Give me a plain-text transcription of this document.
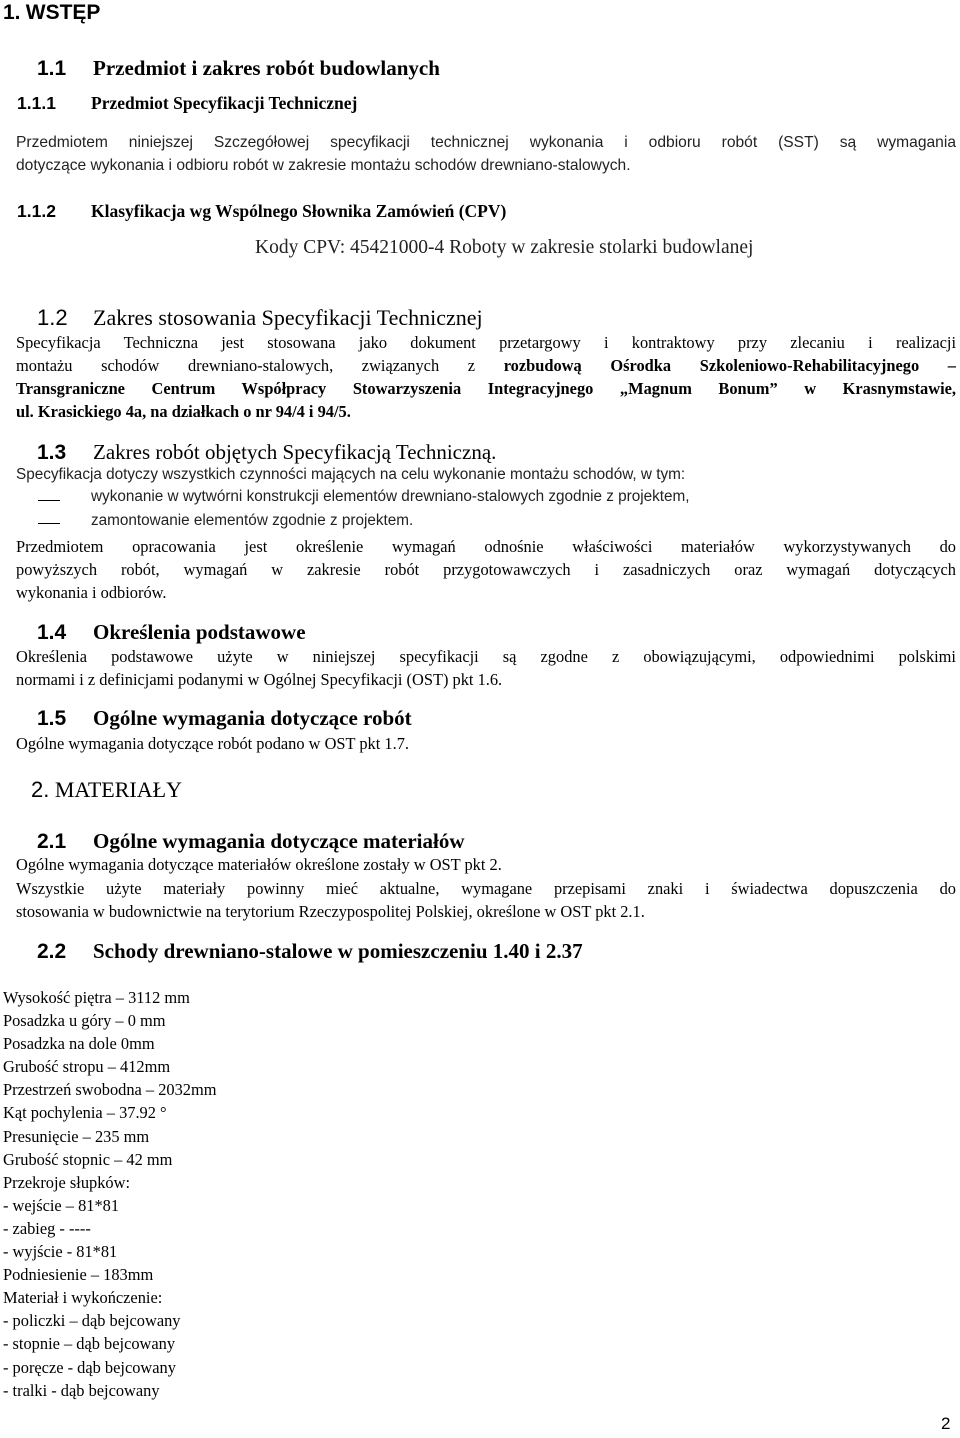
1. WSTĘP
1.1 Przedmiot i zakres robót budowlanych
1.1.1 Przedmiot Specyfikacji Technicznej
Przedmiotem niniejszej Szczegółowej specyfikacji technicznej wykonania i odbioru robót (SST) są wymagania
dotyczące wykonania i odbioru robót w zakresie montażu schodów drewniano-stalowych.
1.1.2 Klasyfikacja wg Wspólnego Słownika Zamówień (CPV)
Kody CPV: 45421000-4 Roboty w zakresie stolarki budowlanej
1.2 Zakres stosowania Specyfikacji Technicznej
Specyfikacja Techniczna jest stosowana jako dokument przetargowy i kontraktowy przy zlecaniu i realizacji
montażu schodów drewniano-stalowych, związanych z rozbudową Ośrodka Szkoleniowo-Rehabilitacyjnego –
Transgraniczne Centrum Współpracy Stowarzyszenia Integracyjnego „Magnum Bonum” w Krasnymstawie,
ul. Krasickiego 4a, na działkach o nr 94/4 i 94/5.
1.3 Zakres robót objętych Specyfikacją Techniczną.
Specyfikacja dotyczy wszystkich czynności mających na celu wykonanie montażu schodów, w tym:
wykonanie w wytwórni konstrukcji elementów drewniano-stalowych zgodnie z projektem,
zamontowanie elementów zgodnie z projektem.
Przedmiotem opracowania jest określenie wymagań odnośnie właściwości materiałów wykorzystywanych do
powyższych robót, wymagań w zakresie robót przygotowawczych i zasadniczych oraz wymagań dotyczących
wykonania i odbiorów.
1.4 Określenia podstawowe
Określenia podstawowe użyte w niniejszej specyfikacji są zgodne z obowiązującymi, odpowiednimi polskimi
normami i z definicjami podanymi w Ogólnej Specyfikacji (OST) pkt 1.6.
1.5 Ogólne wymagania dotyczące robót
Ogólne wymagania dotyczące robót podano w OST pkt 1.7.
2. MATERIAŁY
2.1 Ogólne wymagania dotyczące materiałów
Ogólne wymagania dotyczące materiałów określone zostały w OST pkt 2.
Wszystkie użyte materiały powinny mieć aktualne, wymagane przepisami znaki i świadectwa dopuszczenia do
stosowania w budownictwie na terytorium Rzeczypospolitej Polskiej, określone w OST pkt 2.1.
2.2 Schody drewniano-stalowe w pomieszczeniu 1.40 i 2.37
Wysokość piętra – 3112 mm
Posadzka u góry – 0 mm
Posadzka na dole 0mm
Grubość stropu – 412mm
Przestrzeń swobodna – 2032mm
Kąt pochylenia – 37.92 °
Presunięcie – 235 mm
Grubość stopnic – 42 mm
Przekroje słupków:
- wejście – 81*81
- zabieg - ----
- wyjście - 81*81
Podniesienie – 183mm
Materiał i wykończenie:
- policzki – dąb bejcowany
- stopnie – dąb bejcowany
- poręcze - dąb bejcowany
- tralki - dąb bejcowany
2
